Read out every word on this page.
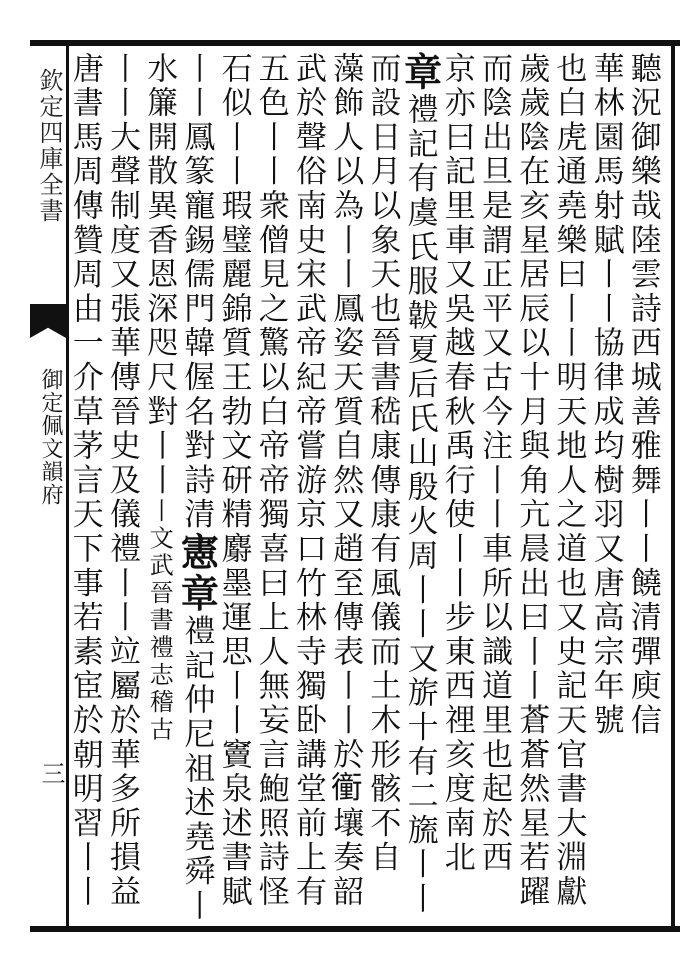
欽定四庫全書
御定佩文韻府
三
聽況御樂哉陸雲詩西城善雅舞丨丨饒清彈庾信
華林園馬射賦丨丨協律成均樹羽又唐高宗年號
也白虎通堯樂曰丨丨明天地人之道也又史記天官書大淵獻
歲歲陰在亥星居辰以十月與角亢晨出曰丨丨蒼蒼然星若躍
而陰出旦是謂正平又古今注丨丨車所以識道里也起於西
京亦曰記里車又吳越春秋禹行使丨丨步東西𥚃亥度南北
章禮記有虞氏服韍夏后氏山殷火周丨丨又旂十有二旒丨丨
而設日月以象天也晉書嵇康傳康有風儀而土木形骸不自
藻飾人以為丨丨鳳姿天質自然又趙至傳表丨丨於𧘂壤奏韶
武於聲俗南史宋武帝紀帝嘗游京口竹林寺獨卧講堂前上有
五色丨丨衆僧見之驚以白帝帝獨喜曰上人無妄言鮑照詩怪
石似丨丨瑕璧麗錦質王勃文研精麝墨運思丨丨竇泉述書賦
丨丨鳳篆寵錫儒門韓偓名對詩清憲章禮記仲尼祖述堯舜丨
水簾開散異香恩深咫尺對丨丨丨文武晉書禮志稽古
丨丨大聲制度又張華傳晉史及儀禮丨丨竝屬於華多所損益
唐書馬周傳贊周由一介草茅言天下事若素宦於朝明習丨丨
